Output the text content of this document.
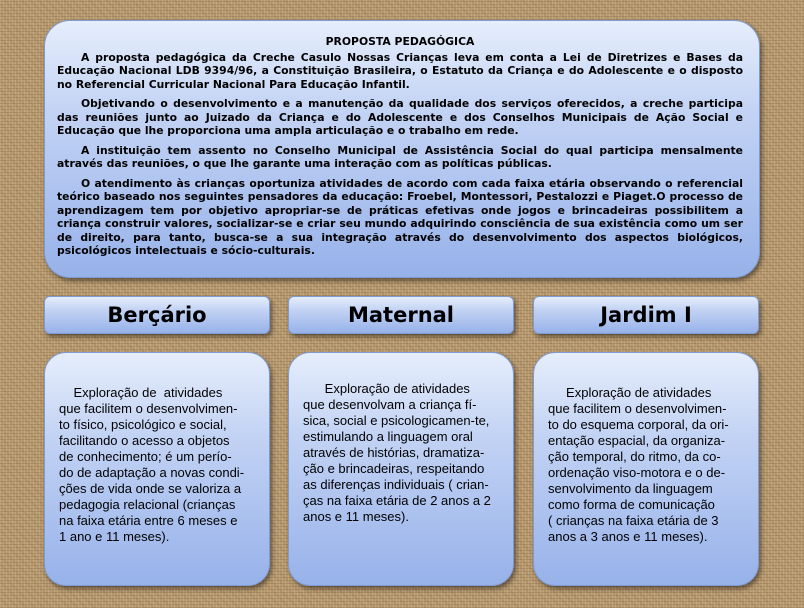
PROPOSTA PEDAGÓGICA

A proposta pedagógica da Creche Casulo Nossas Crianças leva em conta a Lei de Diretrizes e Bases da Educação Nacional LDB 9394/96, a Constituição Brasileira, o Estatuto da Criança e do Adolescente e o disposto no Referencial Curricular Nacional Para Educação Infantil.

Objetivando o desenvolvimento e a manutenção da qualidade dos serviços oferecidos, a creche participa das reuniões junto ao Juizado da Criança e do Adolescente e dos Conselhos Municipais de Ação Social e Educação que lhe proporciona uma ampla articulação e o trabalho em rede.

A instituição tem assento no Conselho Municipal de Assistência Social do qual participa mensalmente através das reuniões, o que lhe garante uma interação com as políticas públicas.

O atendimento às crianças oportuniza atividades de acordo com cada faixa etária observando o referencial teórico baseado nos seguintes pensadores da educação: Froebel, Montessori, Pestalozzi e Piaget.O processo de aprendizagem tem por objetivo apropriar-se de práticas efetivas onde jogos e brincadeiras possibilitem a criança construir valores, socializar-se e criar seu mundo adquirindo consciência de sua existência como um ser de direito, para tanto, busca-se a sua integração através do desenvolvimento dos aspectos biológicos, psicológicos intelectuais e sócio-culturais.

Berçário	Maternal	Jardim I
Exploração de  atividades
que facilitem o desenvolvimen-
to físico, psicológico e social,
facilitando o acesso a objetos
de conhecimento; é um perío-
do de adaptação a novas condi-
ções de vida onde se valoriza a
pedagogia relacional (crianças
na faixa etária entre 6 meses e
1 ano e 11 meses).
Exploração de atividades
que desenvolvam a criança fí-
sica, social e psicologicamen-te,
estimulando a linguagem oral
através de histórias, dramatiza-
ção e brincadeiras, respeitando
as diferenças individuais ( crian-
ças na faixa etária de 2 anos a 2
anos e 11 meses).
Exploração de atividades
que facilitem o desenvolvimen-
to do esquema corporal, da ori-
entação espacial, da organiza-
ção temporal, do ritmo, da co-
ordenação viso-motora e o de-
senvolvimento da linguagem
como forma de comunicação
( crianças na faixa etária de 3
anos a 3 anos e 11 meses).
